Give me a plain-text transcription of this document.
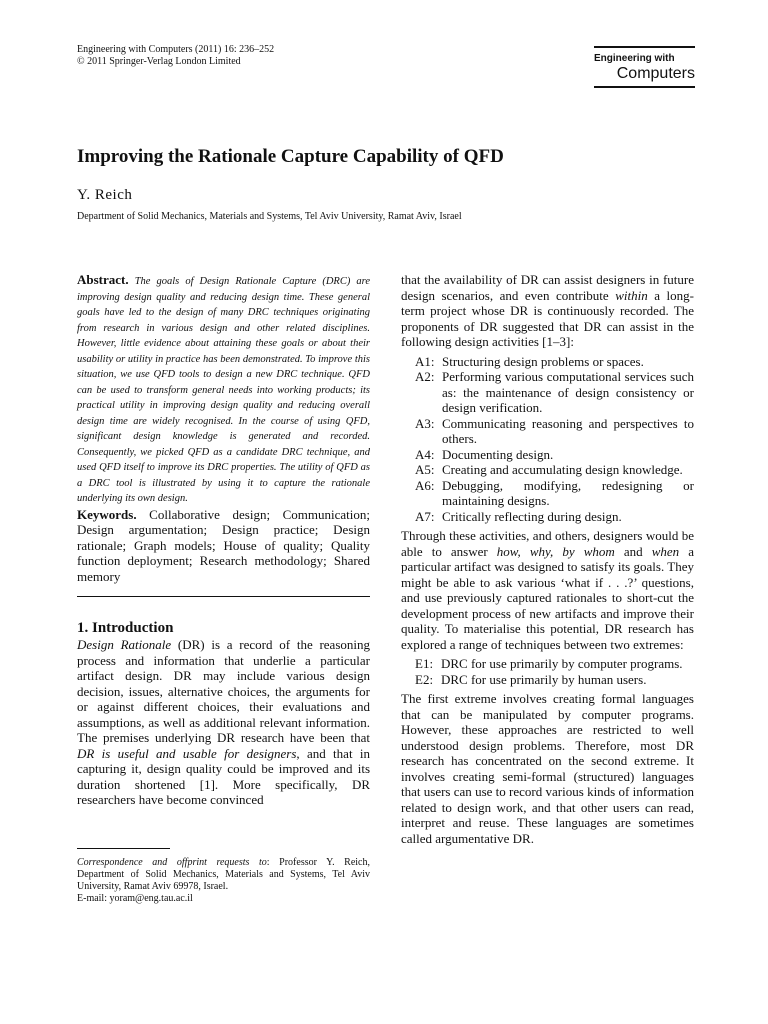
Engineering with Computers (2011) 16: 236–252
© 2011 Springer-Verlag London Limited	Engineering with
Computers
Improving the Rationale Capture Capability of QFD
Y. Reich
Department of Solid Mechanics, Materials and Systems, Tel Aviv University, Ramat Aviv, Israel

Abstract. The goals of Design Rationale Capture (DRC) are improving design quality and reducing design time. These general goals have led to the design of many DRC techniques originating from research in various design and other related disciplines. However, little evidence about attaining these goals or about their usability or utility in practice has been demonstrated. To improve this situation, we use QFD tools to design a new DRC technique. QFD can be used to transform general needs into working products; its practical utility in improving design quality and reducing overall design time are widely recognised. In the course of using QFD, significant design knowledge is generated and recorded. Consequently, we picked QFD as a candidate DRC technique, and used QFD itself to improve its DRC properties. The utility of QFD as a DRC tool is illustrated by using it to capture the rationale underlying its own design.

Keywords. Collaborative design; Communication; Design argumentation; Design practice; Design rationale; Graph models; House of quality; Quality function deployment; Research methodology; Shared memory

1. Introduction

Design Rationale (DR) is a record of the reasoning process and information that underlie a particular artifact design. DR may include various design decision, issues, alternative choices, the arguments for or against different choices, their evaluations and assumptions, as well as additional relevant information. The premises underlying DR research have been that DR is useful and usable for designers, and that in capturing it, design quality could be improved and its duration shortened [1]. More specifically, DR researchers have become convinced

Correspondence and offprint requests to: Professor Y. Reich, Department of Solid Mechanics, Materials and Systems, Tel Aviv University, Ramat Aviv 69978, Israel.
E-mail: yoram@eng.tau.ac.il

that the availability of DR can assist designers in future design scenarios, and even contribute within a long-term project whose DR is continuously recorded. The proponents of DR suggested that DR can assist in the following design activities [1–3]:

A1: Structuring design problems or spaces.
A2: Performing various computational services such as: the maintenance of design consistency or design verification.
A3: Communicating reasoning and perspectives to others.
A4: Documenting design.
A5: Creating and accumulating design knowledge.
A6: Debugging, modifying, redesigning or maintaining designs.
A7: Critically reflecting during design.

Through these activities, and others, designers would be able to answer how, why, by whom and when a particular artifact was designed to satisfy its goals. They might be able to ask various ‘what if . . .?’ questions, and use previously captured rationales to short-cut the development process of new artifacts and improve their quality. To materialise this potential, DR research has explored a range of techniques between two extremes:

E1: DRC for use primarily by computer programs.
E2: DRC for use primarily by human users.

The first extreme involves creating formal languages that can be manipulated by computer programs. However, these approaches are restricted to well understood design problems. Therefore, most DR research has concentrated on the second extreme. It involves creating semi-formal (structured) languages that users can use to record various kinds of information related to design work, and that other users can read, interpret and reuse. These languages are sometimes called argumentative DR.
